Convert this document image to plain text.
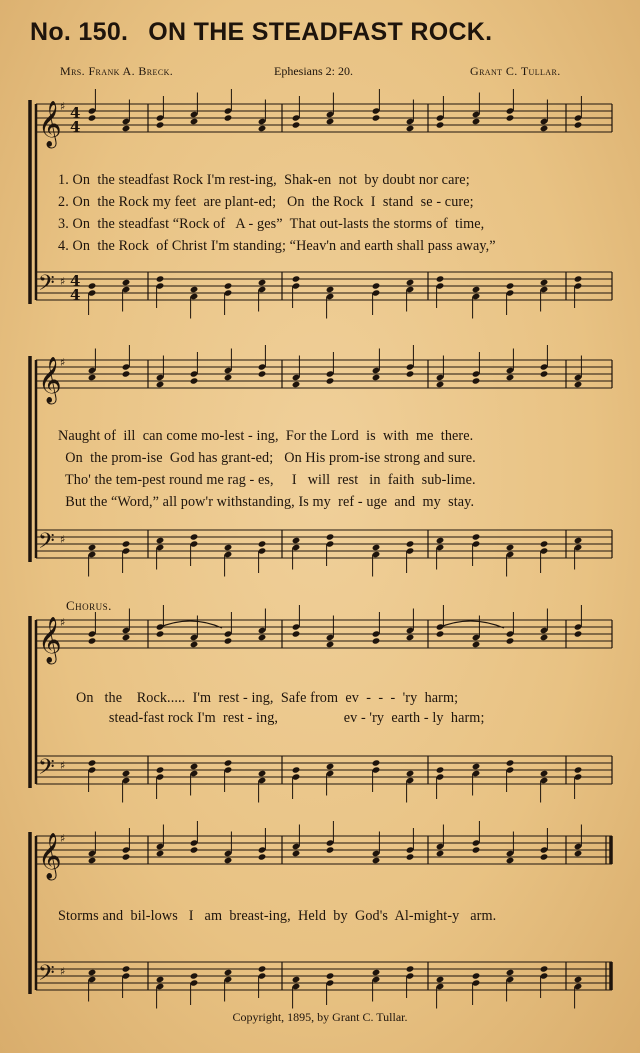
No. 150. ON THE STEADFAST ROCK.
Mrs. Frank A. Breck.	Ephesians 2: 20.	Grant C. Tullar.
𝄞
♯ 4
4
𝄢 ♯ 4
4
𝄞
♯
𝄢 ♯
𝄞
♯
𝄢 ♯
𝄞
♯
𝄢 ♯
1. On  the steadfast Rock I'm rest-ing,  Shak-en  not  by doubt nor care;
2. On  the Rock my feet  are plant-ed;   On  the Rock  I  stand  se - cure;
3. On  the steadfast “Rock of   A - ges”  That out-lasts the storms of  time,
4. On  the Rock  of Christ I'm standing; “Heav'n and earth shall pass away,”
Naught of  ill  can come mo-lest - ing,  For the Lord  is  with  me  there.
On  the prom-ise  God has grant-ed;   On His prom-ise strong and sure.
Tho' the tem-pest round me rag - es,     I   will  rest   in  faith  sub-lime.
But the “Word,” all pow'r withstanding, Is my  ref - uge  and  my  stay.
Chorus.
On   the    Rock.....  I'm  rest - ing,  Safe from  ev  -  -  -  'ry  harm;
stead-fast rock I'm  rest - ing,                  ev - 'ry  earth - ly  harm;
Storms and  bil-lows   I   am  breast-ing,  Held  by  God's  Al-might-y   arm.
Copyright, 1895, by Grant C. Tullar.
